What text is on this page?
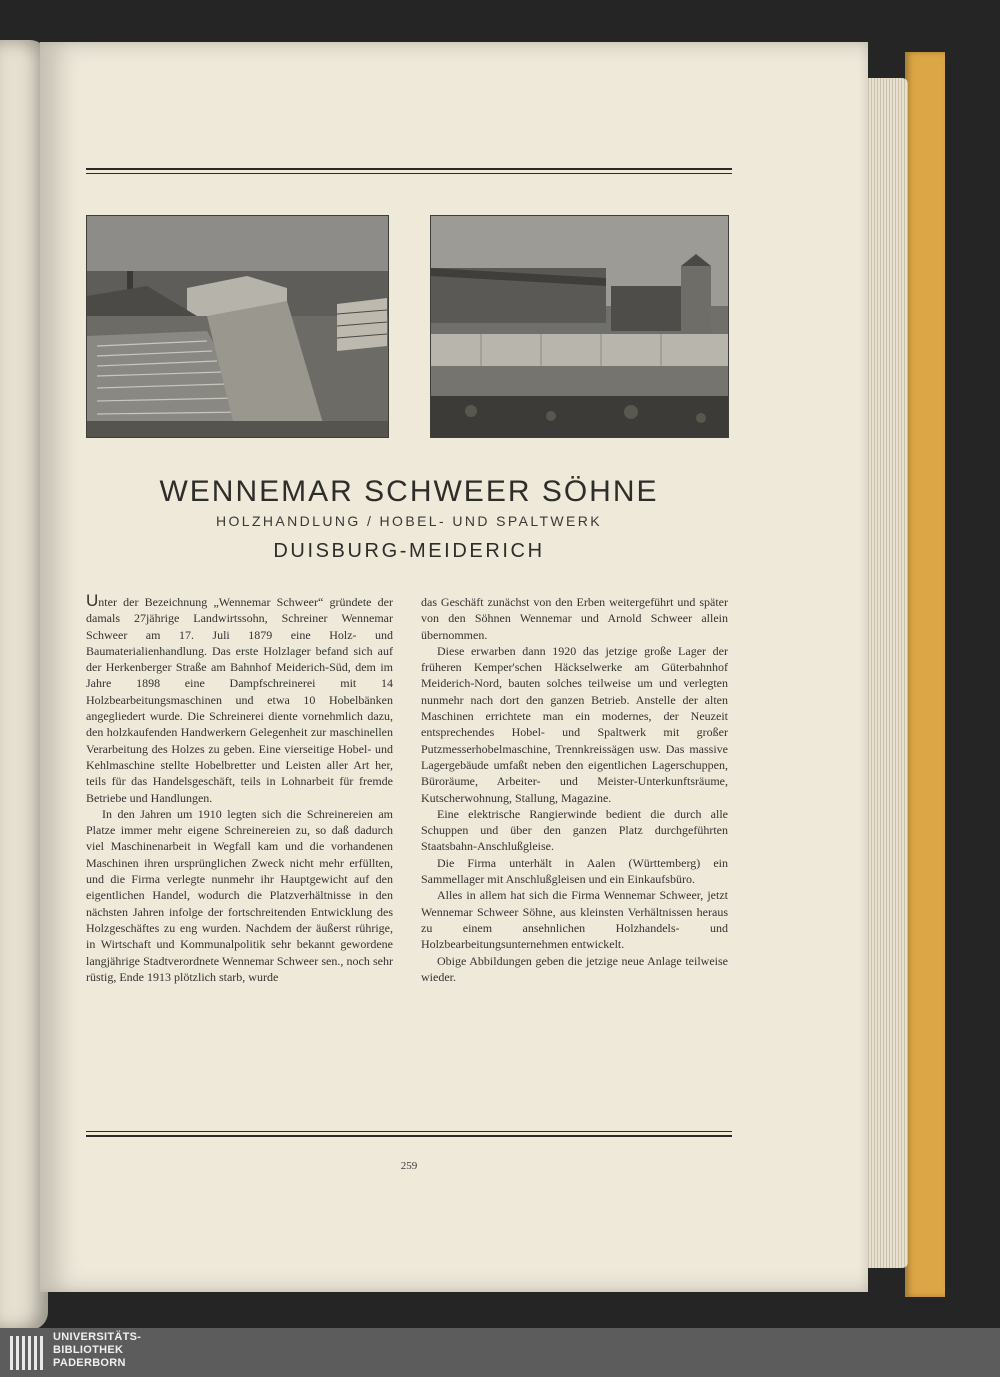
WENNEMAR SCHWEER SÖHNE
HOLZHANDLUNG / HOBEL- UND SPALTWERK
DUISBURG-MEIDERICH

Unter der Bezeichnung „Wennemar Schweer“ gründete der damals 27jährige Landwirtssohn, Schreiner Wennemar Schweer am 17. Juli 1879 eine Holz- und Baumaterialienhandlung. Das erste Holzlager befand sich auf der Herkenberger Straße am Bahnhof Meiderich-Süd, dem im Jahre 1898 eine Dampfschreinerei mit 14 Holzbearbeitungsmaschinen und etwa 10 Hobelbänken angegliedert wurde. Die Schreinerei diente vornehmlich dazu, den holzkaufenden Handwerkern Gelegenheit zur maschinellen Verarbeitung des Holzes zu geben. Eine vierseitige Hobel- und Kehlmaschine stellte Hobelbretter und Leisten aller Art her, teils für das Handelsgeschäft, teils in Lohnarbeit für fremde Betriebe und Handlungen.

In den Jahren um 1910 legten sich die Schreinereien am Platze immer mehr eigene Schreinereien zu, so daß dadurch viel Maschinenarbeit in Wegfall kam und die vorhandenen Maschinen ihren ursprünglichen Zweck nicht mehr erfüllten, und die Firma verlegte nunmehr ihr Hauptgewicht auf den eigentlichen Handel, wodurch die Platzverhältnisse in den nächsten Jahren infolge der fortschreitenden Entwicklung des Holzgeschäftes zu eng wurden. Nachdem der äußerst rührige, in Wirtschaft und Kommunalpolitik sehr bekannt gewordene langjährige Stadtverordnete Wennemar Schweer sen., noch sehr rüstig, Ende 1913 plötzlich starb, wurde

das Geschäft zunächst von den Erben weitergeführt und später von den Söhnen Wennemar und Arnold Schweer allein übernommen.

Diese erwarben dann 1920 das jetzige große Lager der früheren Kemper'schen Häckselwerke am Güterbahnhof Meiderich-Nord, bauten solches teilweise um und verlegten nunmehr nach dort den ganzen Betrieb. Anstelle der alten Maschinen errichtete man ein modernes, der Neuzeit entsprechendes Hobel- und Spaltwerk mit großer Putzmesserhobelmaschine, Trennkreissägen usw. Das massive Lagergebäude umfaßt neben den eigentlichen Lagerschuppen, Büroräume, Arbeiter- und Meister-Unterkunftsräume, Kutscherwohnung, Stallung, Magazine.

Eine elektrische Rangierwinde bedient die durch alle Schuppen und über den ganzen Platz durchgeführten Staatsbahn-Anschlußgleise.

Die Firma unterhält in Aalen (Württemberg) ein Sammellager mit Anschlußgleisen und ein Einkaufsbüro.

Alles in allem hat sich die Firma Wennemar Schweer, jetzt Wennemar Schweer Söhne, aus kleinsten Verhältnissen heraus zu einem ansehnlichen Holzhandels- und Holzbearbeitungsunternehmen entwickelt.

Obige Abbildungen geben die jetzige neue Anlage teilweise wieder.

259
UNIVERSITÄTS-
BIBLIOTHEK
PADERBORN
